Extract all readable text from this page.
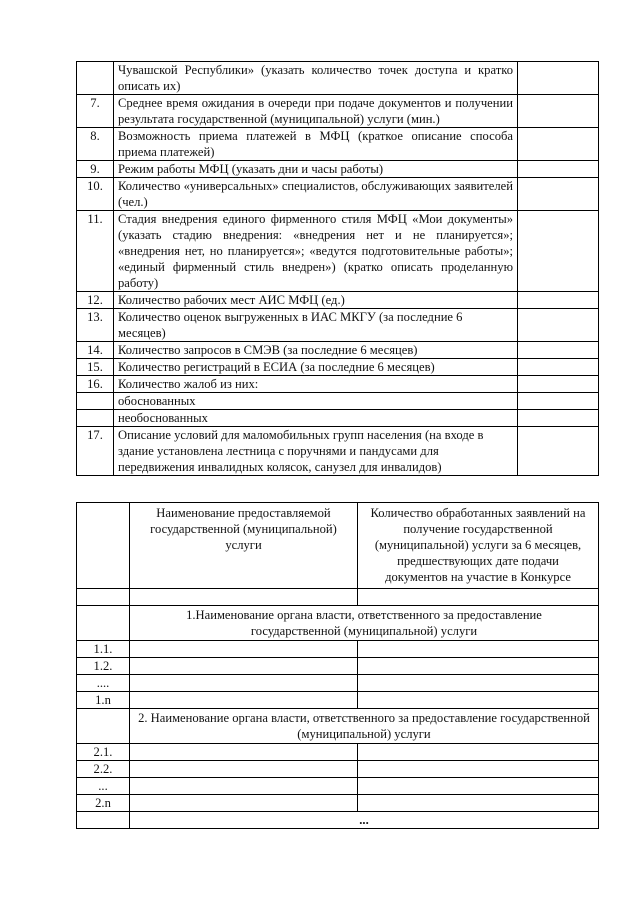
	Чувашской Республики» (указать количество точек доступа и кратко описать их)	
7.	Среднее время ожидания в очереди при подаче документов и получении результата государственной (муниципальной) услуги (мин.)	
8.	Возможность приема платежей в МФЦ (краткое описание способа приема платежей)	
9.	Режим работы МФЦ (указать дни и часы работы)	
10.	Количество «универсальных» специалистов, обслуживающих заявителей (чел.)	
11.	Стадия внедрения единого фирменного стиля МФЦ «Мои документы» (указать стадию внедрения: «внедрения нет и не планируется»; «внедрения нет, но планируется»; «ведутся подготовительные работы»; «единый фирменный стиль внедрен») (кратко описать проделанную работу)	
12.	Количество рабочих мест АИС МФЦ (ед.)	
13.	Количество оценок выгруженных в ИАС МКГУ (за последние 6 месяцев)	
14.	Количество запросов в СМЭВ (за последние 6 месяцев)	
15.	Количество регистраций в ЕСИА (за последние 6 месяцев)	
16.	Количество жалоб из них:	
	обоснованных	
	необоснованных	
17.	Описание условий для маломобильных групп населения (на входе в здание установлена лестница с поручнями и пандусами для передвижения инвалидных колясок, санузел для инвалидов)	
	Наименование предоставляемой государственной (муниципальной) услуги	Количество обработанных заявлений на получение государственной (муниципальной) услуги за 6 месяцев, предшествующих дате подачи документов на участие в Конкурсе

	1.Наименование органа власти, ответственного за предоставление государственной (муниципальной) услуги	
1.1.		
1.2.		
....		
1.n		
	2. Наименование органа власти, ответственного за предоставление государственной (муниципальной) услуги	
2.1.		
2.2.		
...		
2.n		
	...	
